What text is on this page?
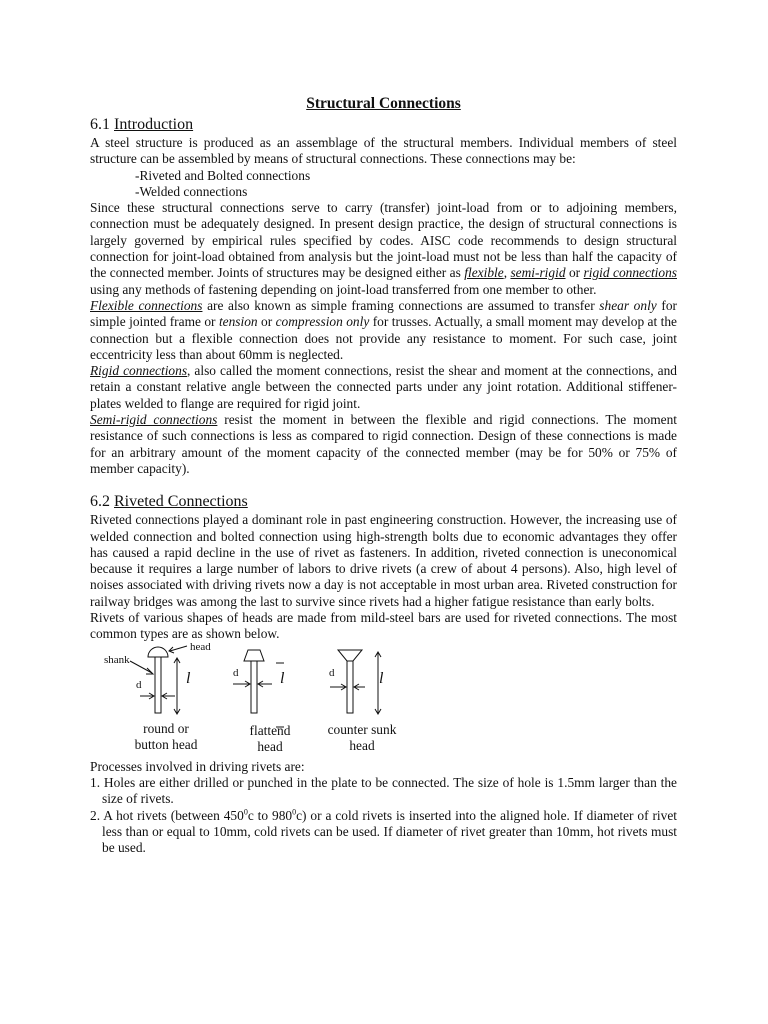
Structural Connections
6.1 Introduction

A steel structure is produced as an assemblage of the structural members. Individual members of steel structure can be assembled by means of structural connections. These connections may be:

-Riveted and Bolted connections
-Welded connections

Since these structural connections serve to carry (transfer) joint-load from or to adjoining members, connection must be adequately designed. In present design practice, the design of structural connections is largely governed by empirical rules specified by codes. AISC code recommends to design structural connection for joint-load obtained from analysis but the joint-load must not be less than half the capacity of the connected member. Joints of structures may be designed either as flexible, semi-rigid or rigid connections using any methods of fastening depending on joint-load transferred from one member to other.

Flexible connections are also known as simple framing connections are assumed to transfer shear only for simple jointed frame or tension or compression only for trusses. Actually, a small moment may develop at the connection but a flexible connection does not provide any resistance to moment. For such case, joint eccentricity less than about 60mm is neglected.

Rigid connections, also called the moment connections, resist the shear and moment at the connections, and retain a constant relative angle between the connected parts under any joint rotation. Additional stiffener-plates welded to flange are required for rigid joint.

Semi-rigid connections resist the moment in between the flexible and rigid connections. The moment resistance of such connections is less as compared to rigid connection. Design of these connections is made for an arbitrary amount of the moment capacity of the connected member (may be for 50% or 75% of member capacity).

6.2 Riveted Connections

Riveted connections played a dominant role in past engineering construction. However, the increasing use of welded connection and bolted connection using high-strength bolts due to economic advantages they offer has caused a rapid decline in the use of rivet as fasteners. In addition, riveted connection is uneconomical because it requires a large number of labors to drive rivets (a crew of about 4 persons). Also, high level of noises associated with driving rivets now a day is not acceptable in most urban area. Riveted construction for railway bridges was among the last to survive since rivets had a higher fatigue resistance than early bolts.

Rivets of various shapes of heads are made from mild-steel bars are used for riveted connections. The most common types are as shown below.

head
shank
d	l	d	l	d	l
round or
button head
flattend
head
counter sunk
head
Processes involved in driving rivets are:
1. Holes are either drilled or punched in the plate to be connected. The size of hole is 1.5mm larger than the size of rivets.
2. A hot rivets (between $450^0c$ to $980^0c$) or a cold rivets is inserted into the aligned hole. If diameter of rivet less than or equal to 10mm, cold rivets can be used. If diameter of rivet greater than 10mm, hot rivets must be used.
